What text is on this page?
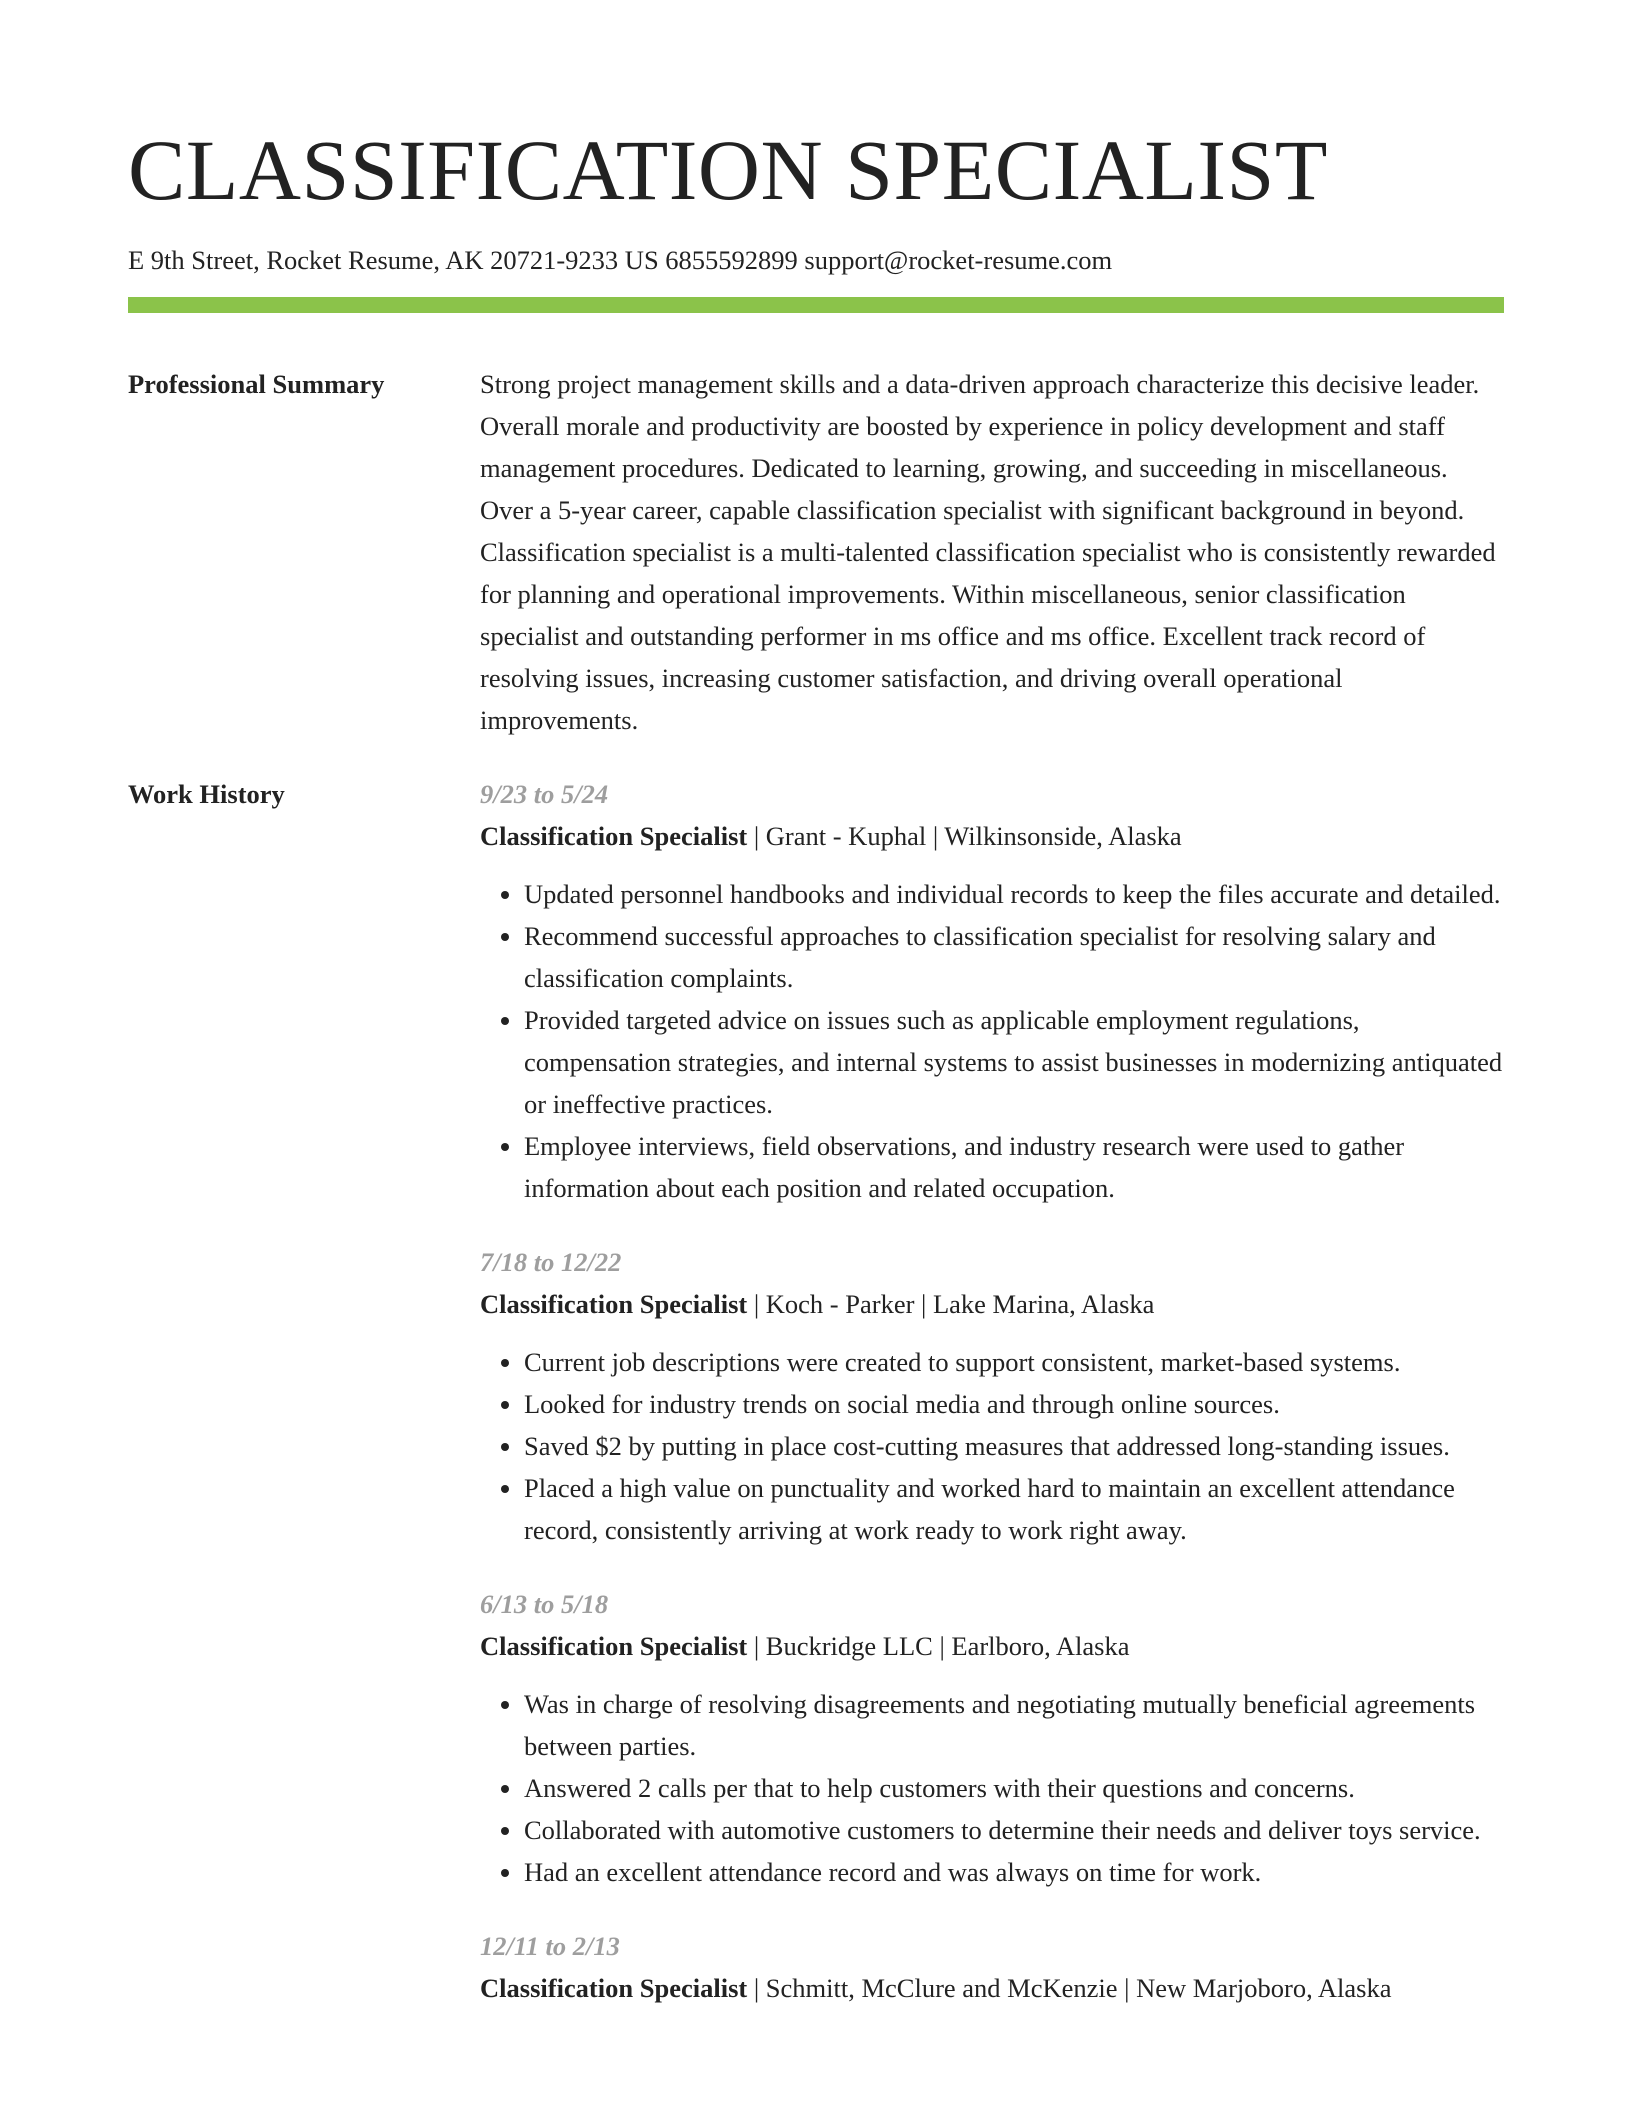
CLASSIFICATION SPECIALIST
E 9th Street, Rocket Resume, AK 20721-9233 US 6855592899 support@rocket-resume.com
Professional Summary	Strong project management skills and a data-driven approach characterize this decisive leader. Overall morale and productivity are boosted by experience in policy development and staff management procedures. Dedicated to learning, growing, and succeeding in miscellaneous. Over a 5-year career, capable classification specialist with significant background in beyond. Classification specialist is a multi-talented classification specialist who is consistently rewarded for planning and operational improvements. Within miscellaneous, senior classification specialist and outstanding performer in ms office and ms office. Excellent track record of resolving issues, increasing customer satisfaction, and driving overall operational improvements.

Work History	9/23 to 5/24
Classification Specialist | Grant - Kuphal | Wilkinsonside, Alaska
• Updated personnel handbooks and individual records to keep the files accurate and detailed.
• Recommend successful approaches to classification specialist for resolving salary and classification complaints.
• Provided targeted advice on issues such as applicable employment regulations, compensation strategies, and internal systems to assist businesses in modernizing antiquated or ineffective practices.
• Employee interviews, field observations, and industry research were used to gather information about each position and related occupation.
7/18 to 12/22
Classification Specialist | Koch - Parker | Lake Marina, Alaska
• Current job descriptions were created to support consistent, market-based systems.
• Looked for industry trends on social media and through online sources.
• Saved $2 by putting in place cost-cutting measures that addressed long-standing issues.
• Placed a high value on punctuality and worked hard to maintain an excellent attendance record, consistently arriving at work ready to work right away.
6/13 to 5/18
Classification Specialist | Buckridge LLC | Earlboro, Alaska
• Was in charge of resolving disagreements and negotiating mutually beneficial agreements between parties.
• Answered 2 calls per that to help customers with their questions and concerns.
• Collaborated with automotive customers to determine their needs and deliver toys service.
• Had an excellent attendance record and was always on time for work.
12/11 to 2/13
Classification Specialist | Schmitt, McClure and McKenzie | New Marjoboro, Alaska
